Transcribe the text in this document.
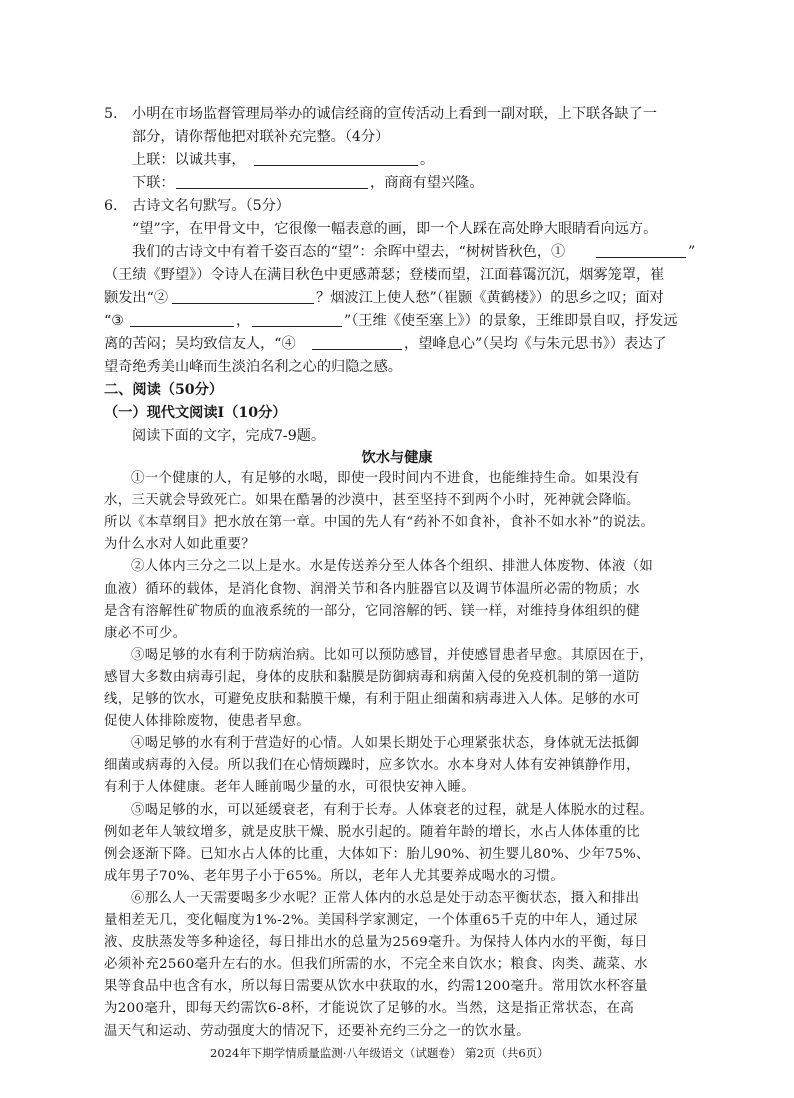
5. 小明在市场监督管理局举办的诚信经商的宣传活动上看到一副对联，上下联各缺了一
部分，请你帮他把对联补充完整。（4分）
上联：以诚共事，	。
下联：	，商商有望兴隆。
6. 古诗文名句默写。（5分）
“望”字，在甲骨文中，它很像一幅表意的画，即一个人踩在高处睁大眼睛看向远方。
我们的古诗文中有着千姿百态的“望”：余晖中望去，“树树皆秋色，①	”
（王绩《野望》）令诗人在满目秋色中更感萧瑟；登楼而望，江面暮霭沉沉，烟雾笼罩，崔
颢发出“②	？烟波江上使人愁”（崔颢《黄鹤楼》）的思乡之叹；面对
“③	，	”（王维《使至塞上》）的景象，王维即景自叹，抒发远
离的苦闷；吴均致信友人，“④	，望峰息心”（吴均《与朱元思书》）表达了
望奇绝秀美山峰而生淡泊名利之心的归隐之感。
二、阅读（50分）
（一）现代文阅读Ⅰ（10分）
阅读下面的文字，完成7-9题。
饮水与健康
①一个健康的人，有足够的水喝，即使一段时间内不进食，也能维持生命。如果没有
水，三天就会导致死亡。如果在酷暑的沙漠中，甚至坚持不到两个小时，死神就会降临。
所以《本草纲目》把水放在第一章。中国的先人有“药补不如食补，食补不如水补”的说法。
为什么水对人如此重要？
②人体内三分之二以上是水。水是传送养分至人体各个组织、排泄人体废物、体液（如
血液）循环的载体，是消化食物、润滑关节和各内脏器官以及调节体温所必需的物质；水
是含有溶解性矿物质的血液系统的一部分，它同溶解的钙、镁一样，对维持身体组织的健
康必不可少。
③喝足够的水有利于防病治病。比如可以预防感冒，并使感冒患者早愈。其原因在于，
感冒大多数由病毒引起，身体的皮肤和黏膜是防御病毒和病菌入侵的免疫机制的第一道防
线，足够的饮水，可避免皮肤和黏膜干燥，有利于阻止细菌和病毒进入人体。足够的水可
促使人体排除废物，使患者早愈。
④喝足够的水有利于营造好的心情。人如果长期处于心理紧张状态，身体就无法抵御
细菌或病毒的入侵。所以我们在心情烦躁时，应多饮水。水本身对人体有安神镇静作用，
有利于人体健康。老年人睡前喝少量的水，可很快安神入睡。
⑤喝足够的水，可以延缓衰老，有利于长寿。人体衰老的过程，就是人体脱水的过程。
例如老年人皱纹增多，就是皮肤干燥、脱水引起的。随着年龄的增长，水占人体体重的比
例会逐渐下降。已知水占人体的比重，大体如下：胎儿90%、初生婴儿80%、少年75%、
成年男子70%、老年男子小于65%。所以，老年人尤其要养成喝水的习惯。
⑥那么人一天需要喝多少水呢？正常人体内的水总是处于动态平衡状态，摄入和排出
量相差无几，变化幅度为1%-2%。美国科学家测定，一个体重65千克的中年人，通过尿
液、皮肤蒸发等多种途径，每日排出水的总量为2569毫升。为保持人体内水的平衡，每日
必须补充2560毫升左右的水。但我们所需的水，不完全来自饮水；粮食、肉类、蔬菜、水
果等食品中也含有水，所以每日需要从饮水中获取的水，约需1200毫升。常用饮水杯容量
为200毫升，即每天约需饮6-8杯，才能说饮了足够的水。当然，这是指正常状态，在高
温天气和运动、劳动强度大的情况下，还要补充约三分之一的饮水量。
2024年下期学情质量监测·八年级语文（试题卷） 第2页（共6页）
